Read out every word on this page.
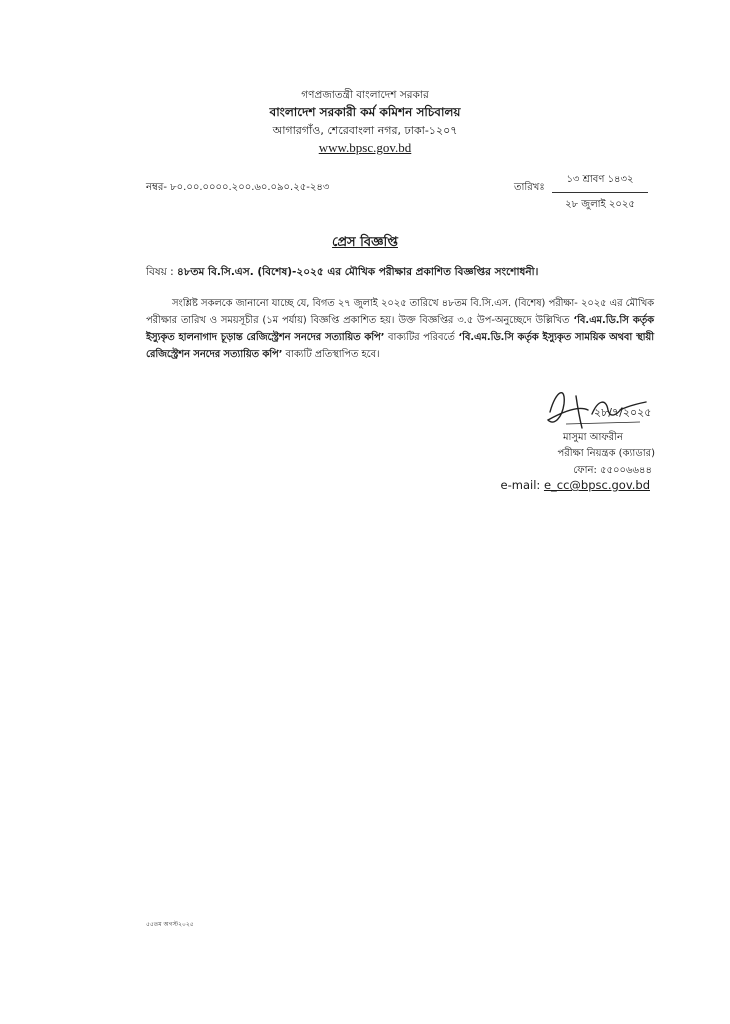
গণপ্রজাতন্ত্রী বাংলাদেশ সরকার
বাংলাদেশ সরকারী কর্ম কমিশন সচিবালয়
আগারগাঁও, শেরেবাংলা নগর, ঢাকা-১২০৭
www.bpsc.gov.bd
নম্বর- ৮০.০০.০০০০.২০০.৬০.০৯০.২৫-২৪৩	তারিখঃ
১৩ শ্রাবণ ১৪৩২
২৮ জুলাই ২০২৫
প্রেস বিজ্ঞপ্তি
বিষয় : ৪৮তম বি.সি.এস. (বিশেষ)-২০২৫ এর মৌখিক পরীক্ষার প্রকাশিত বিজ্ঞপ্তির সংশোধনী।
সংশ্লিষ্ট সকলকে জানানো যাচ্ছে যে, বিগত ২৭ জুলাই ২০২৫ তারিখে ৪৮তম বি.সি.এস. (বিশেষ) পরীক্ষা- ২০২৫ এর মৌখিক পরীক্ষার তারিখ ও সময়সূচীর (১ম পর্যায়) বিজ্ঞপ্তি প্রকাশিত হয়। উক্ত বিজ্ঞপ্তির ৩.৫ উপ-অনুচ্ছেদে উল্লিখিত ‘বি.এম.ডি.সি কর্তৃক ইস্যুকৃত হালনাগাদ চূড়ান্ত রেজিস্ট্রেশন সনদের সত্যায়িত কপি’ বাক্যটির পরিবর্তে ‘বি.এম.ডি.সি কর্তৃক ইস্যুকৃত সাময়িক অথবা স্থায়ী রেজিস্ট্রেশন সনদের সত্যায়িত কপি’ বাক্যটি প্রতিস্থাপিত হবে।
২৮/৭/২০২৫
মাসুমা আফরীন
পরীক্ষা নিয়ন্ত্রক (ক্যাডার)
ফোন: ৫৫০০৬৬৪৪
e-mail: e_cc@bpsc.gov.bd
৫৫তম অগস্ট২০২৫
